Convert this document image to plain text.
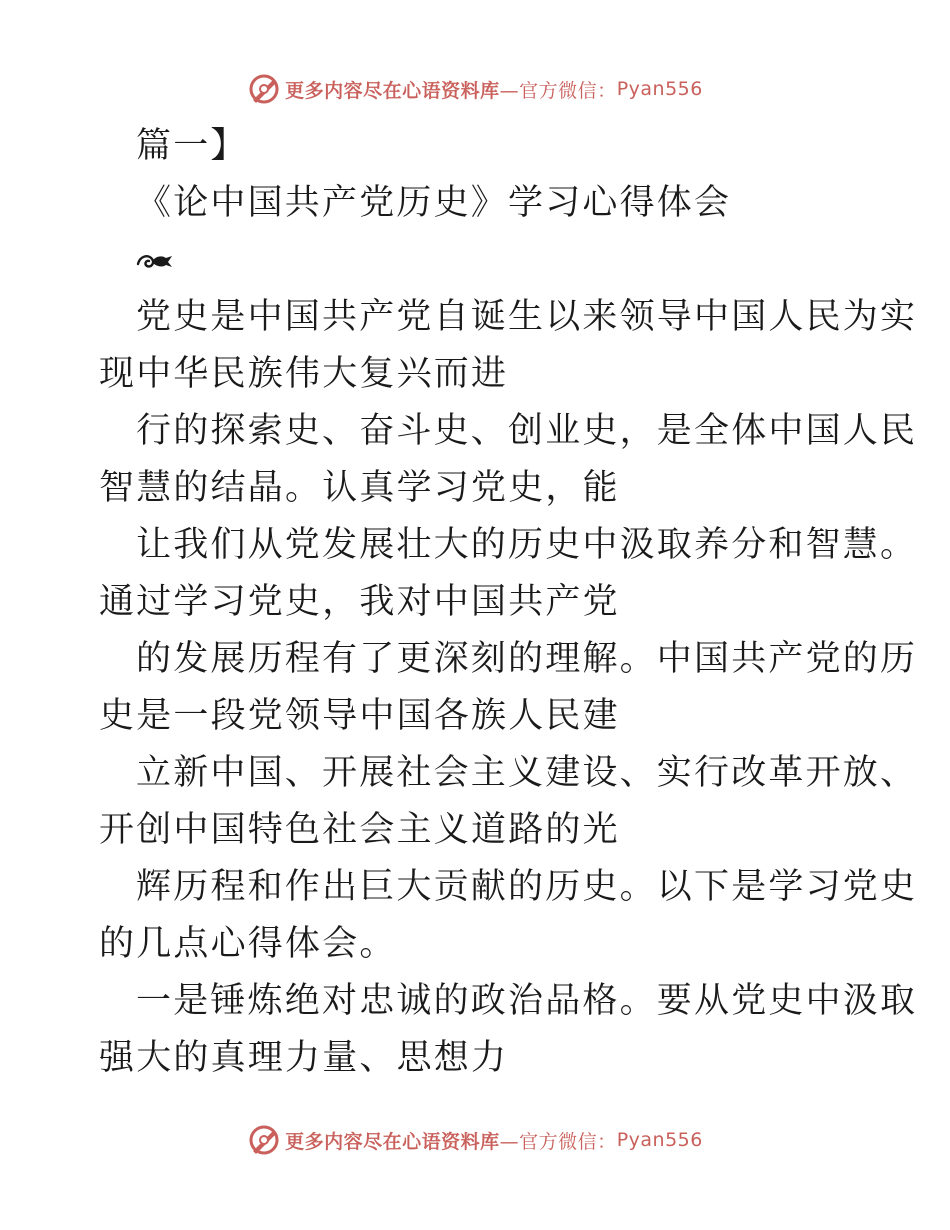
更多内容尽在心语资料库 —官方微信： Pyan556
篇一】
《论中国共产党历史》学习心得体会
党史是中国共产党自诞生以来领导中国人民为实
现中华民族伟大复兴而进
行的探索史、奋斗史、创业史，是全体中国人民
智慧的结晶。认真学习党史，能
让我们从党发展壮大的历史中汲取养分和智慧。
通过学习党史，我对中国共产党
的发展历程有了更深刻的理解。中国共产党的历
史是一段党领导中国各族人民建
立新中国、开展社会主义建设、实行改革开放、
开创中国特色社会主义道路的光
辉历程和作出巨大贡献的历史。以下是学习党史
的几点心得体会。
一是锤炼绝对忠诚的政治品格。要从党史中汲取
强大的真理力量、思想力
更多内容尽在心语资料库 —官方微信： Pyan556
